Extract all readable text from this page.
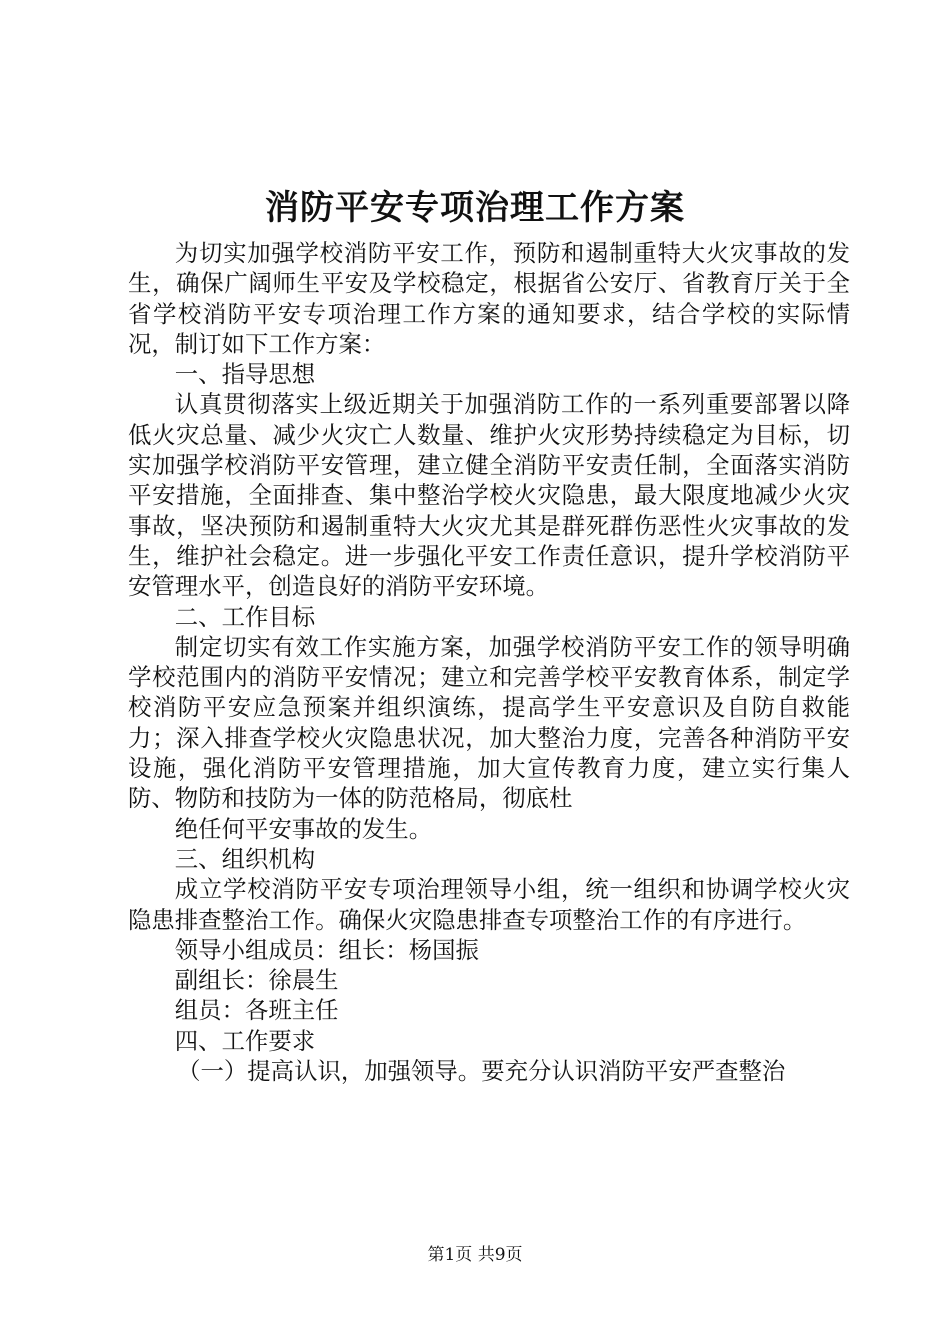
消防平安专项治理工作方案

为切实加强学校消防平安工作，预防和遏制重特大火灾事故的发生，确保广阔师生平安及学校稳定，根据省公安厅、省教育厅关于全省学校消防平安专项治理工作方案的通知要求，结合学校的实际情况，制订如下工作方案：

一、指导思想

认真贯彻落实上级近期关于加强消防工作的一系列重要部署以降低火灾总量、减少火灾亡人数量、维护火灾形势持续稳定为目标，切实加强学校消防平安管理，建立健全消防平安责任制，全面落实消防平安措施，全面排查、集中整治学校火灾隐患，最大限度地减少火灾事故，坚决预防和遏制重特大火灾尤其是群死群伤恶性火灾事故的发生，维护社会稳定。进一步强化平安工作责任意识，提升学校消防平安管理水平，创造良好的消防平安环境。

二、工作目标

制定切实有效工作实施方案，加强学校消防平安工作的领导明确学校范围内的消防平安情况；建立和完善学校平安教育体系，制定学校消防平安应急预案并组织演练，提高学生平安意识及自防自救能力；深入排查学校火灾隐患状况，加大整治力度，完善各种消防平安设施，强化消防平安管理措施，加大宣传教育力度，建立实行集人防、物防和技防为一体的防范格局，彻底杜

绝任何平安事故的发生。

三、组织机构

成立学校消防平安专项治理领导小组，统一组织和协调学校火灾隐患排查整治工作。确保火灾隐患排查专项整治工作的有序进行。

领导小组成员：组长：杨国振

副组长：徐晨生

组员：各班主任

四、工作要求

（一）提高认识，加强领导。要充分认识消防平安严查整治

第1页 共9页
